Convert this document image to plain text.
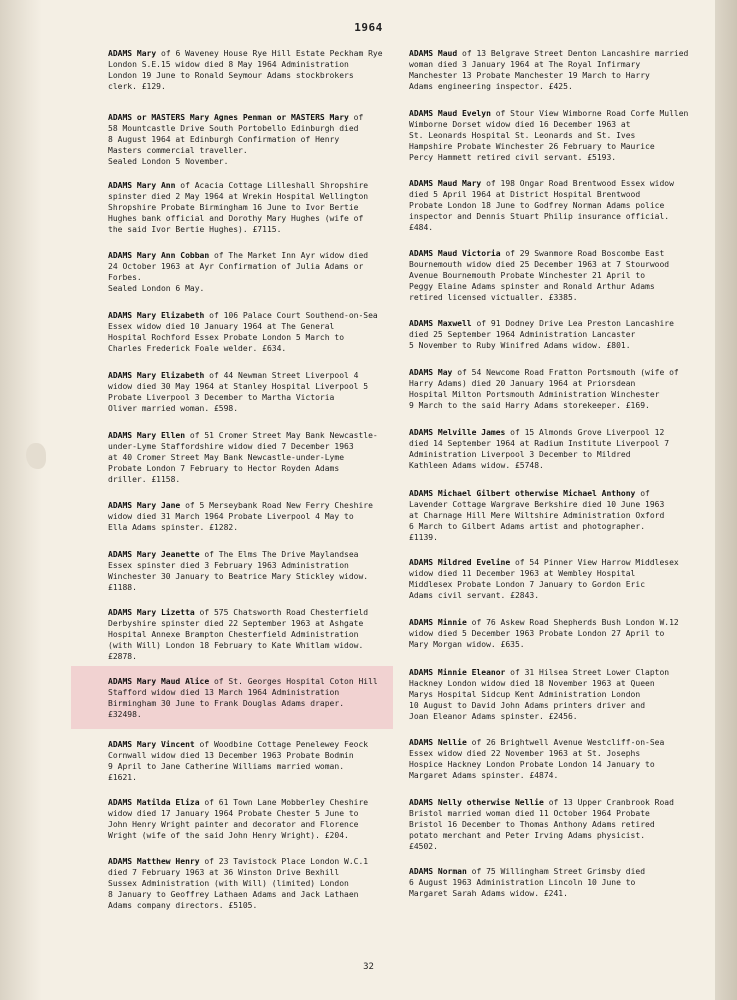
1964
ADAMS Mary of 6 Waveney House Rye Hill Estate Peckham Rye
London S.E.15 widow died 8 May 1964 Administration
London 19 June to Ronald Seymour Adams stockbrokers
clerk. £129.
ADAMS or MASTERS Mary Agnes Penman or MASTERS Mary of
58 Mountcastle Drive South Portobello Edinburgh died
8 August 1964 at Edinburgh Confirmation of Henry
Masters commercial traveller.
Sealed London 5 November.
ADAMS Mary Ann of Acacia Cottage Lilleshall Shropshire
spinster died 2 May 1964 at Wrekin Hospital Wellington
Shropshire Probate Birmingham 16 June to Ivor Bertie
Hughes bank official and Dorothy Mary Hughes (wife of
the said Ivor Bertie Hughes). £7115.
ADAMS Mary Ann Cobban of The Market Inn Ayr widow died
24 October 1963 at Ayr Confirmation of Julia Adams or
Forbes.
Sealed London 6 May.
ADAMS Mary Elizabeth of 106 Palace Court Southend-on-Sea
Essex widow died 10 January 1964 at The General
Hospital Rochford Essex Probate London 5 March to
Charles Frederick Foale welder. £634.
ADAMS Mary Elizabeth of 44 Newman Street Liverpool 4
widow died 30 May 1964 at Stanley Hospital Liverpool 5
Probate Liverpool 3 December to Martha Victoria
Oliver married woman. £598.
ADAMS Mary Ellen of 51 Cromer Street May Bank Newcastle-
under-Lyme Staffordshire widow died 7 December 1963
at 40 Cromer Street May Bank Newcastle-under-Lyme
Probate London 7 February to Hector Royden Adams
driller. £1158.
ADAMS Mary Jane of 5 Merseybank Road New Ferry Cheshire
widow died 31 March 1964 Probate Liverpool 4 May to
Ella Adams spinster. £1282.
ADAMS Mary Jeanette of The Elms The Drive Maylandsea
Essex spinster died 3 February 1963 Administration
Winchester 30 January to Beatrice Mary Stickley widow.
£1188.
ADAMS Mary Lizetta of 575 Chatsworth Road Chesterfield
Derbyshire spinster died 22 September 1963 at Ashgate
Hospital Annexe Brampton Chesterfield Administration
(with Will) London 18 February to Kate Whitlam widow.
£2878.
ADAMS Mary Maud Alice of St. Georges Hospital Coton Hill
Stafford widow died 13 March 1964 Administration
Birmingham 30 June to Frank Douglas Adams draper.
£32498.
ADAMS Mary Vincent of Woodbine Cottage Penelewey Feock
Cornwall widow died 13 December 1963 Probate Bodmin
9 April to Jane Catherine Williams married woman.
£1621.
ADAMS Matilda Eliza of 61 Town Lane Mobberley Cheshire
widow died 17 January 1964 Probate Chester 5 June to
John Henry Wright painter and decorator and Florence
Wright (wife of the said John Henry Wright). £204.
ADAMS Matthew Henry of 23 Tavistock Place London W.C.1
died 7 February 1963 at 36 Winston Drive Bexhill
Sussex Administration (with Will) (limited) London
8 January to Geoffrey Lathaen Adams and Jack Lathaen
Adams company directors. £5105.
ADAMS Maud of 13 Belgrave Street Denton Lancashire married
woman died 3 January 1964 at The Royal Infirmary
Manchester 13 Probate Manchester 19 March to Harry
Adams engineering inspector. £425.
ADAMS Maud Evelyn of Stour View Wimborne Road Corfe Mullen
Wimborne Dorset widow died 16 December 1963 at
St. Leonards Hospital St. Leonards and St. Ives
Hampshire Probate Winchester 26 February to Maurice
Percy Hammett retired civil servant. £5193.
ADAMS Maud Mary of 198 Ongar Road Brentwood Essex widow
died 5 April 1964 at District Hospital Brentwood
Probate London 18 June to Godfrey Norman Adams police
inspector and Dennis Stuart Philip insurance official.
£484.
ADAMS Maud Victoria of 29 Swanmore Road Boscombe East
Bournemouth widow died 25 December 1963 at 7 Stourwood
Avenue Bournemouth Probate Winchester 21 April to
Peggy Elaine Adams spinster and Ronald Arthur Adams
retired licensed victualler. £3385.
ADAMS Maxwell of 91 Dodney Drive Lea Preston Lancashire
died 25 September 1964 Administration Lancaster
5 November to Ruby Winifred Adams widow. £801.
ADAMS May of 54 Newcome Road Fratton Portsmouth (wife of
Harry Adams) died 20 January 1964 at Priorsdean
Hospital Milton Portsmouth Administration Winchester
9 March to the said Harry Adams storekeeper. £169.
ADAMS Melville James of 15 Almonds Grove Liverpool 12
died 14 September 1964 at Radium Institute Liverpool 7
Administration Liverpool 3 December to Mildred
Kathleen Adams widow. £5748.
ADAMS Michael Gilbert otherwise Michael Anthony of
Lavender Cottage Wargrave Berkshire died 10 June 1963
at Charnage Hill Mere Wiltshire Administration Oxford
6 March to Gilbert Adams artist and photographer.
£1139.
ADAMS Mildred Eveline of 54 Pinner View Harrow Middlesex
widow died 11 December 1963 at Wembley Hospital
Middlesex Probate London 7 January to Gordon Eric
Adams civil servant. £2843.
ADAMS Minnie of 76 Askew Road Shepherds Bush London W.12
widow died 5 December 1963 Probate London 27 April to
Mary Morgan widow. £635.
ADAMS Minnie Eleanor of 31 Hilsea Street Lower Clapton
Hackney London widow died 18 November 1963 at Queen
Marys Hospital Sidcup Kent Administration London
10 August to David John Adams printers driver and
Joan Eleanor Adams spinster. £2456.
ADAMS Nellie of 26 Brightwell Avenue Westcliff-on-Sea
Essex widow died 22 November 1963 at St. Josephs
Hospice Hackney London Probate London 14 January to
Margaret Adams spinster. £4874.
ADAMS Nelly otherwise Nellie of 13 Upper Cranbrook Road
Bristol married woman died 11 October 1964 Probate
Bristol 16 December to Thomas Anthony Adams retired
potato merchant and Peter Irving Adams physicist.
£4502.
ADAMS Norman of 75 Willingham Street Grimsby died
6 August 1963 Administration Lincoln 10 June to
Margaret Sarah Adams widow. £241.
32
